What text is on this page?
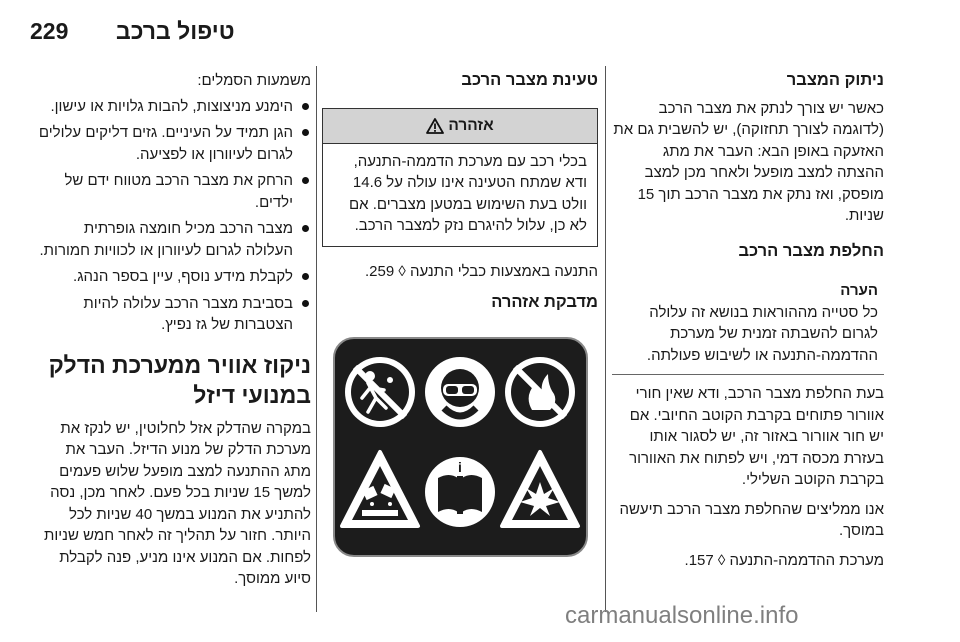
229 טיפול ברכב
ניתוק המצבר

כאשר יש צורך לנתק את מצבר הרכב (לדוגמה לצורך תחזוקה), יש להשבית גם את האזעקה באופן הבא: העבר את מתג ההצתה למצב מופעל ולאחר מכן למצב מופסק, ואז נתק את מצבר הרכב תוך 15 שניות.

החלפת מצבר הרכב
הערה

כל סטייה מההוראות בנושא זה עלולה לגרום להשבתה זמנית של מערכת ההדממה-התנעה או לשיבוש פעולתה.

בעת החלפת מצבר הרכב, ודא שאין חורי אוורור פתוחים בקרבת הקוטב החיובי. אם יש חור אוורור באזור זה, יש לסגור אותו בעזרת מכסה דמי, ויש לפתוח את האוורור בקרבת הקוטב השלילי.

אנו ממליצים שהחלפת מצבר הרכב תיעשה במוסך.

מערכת ההדממה-התנעה ◊ 157.

טעינת מצבר הרכב
אזהרה
בכלי רכב עם מערכת הדממה-התנעה, ודא שמתח הטעינה אינו עולה על 14.6 וולט בעת השימוש במטען מצברים. אם לא כן, עלול להיגרם נזק למצבר הרכב.

התנעה באמצעות כבלי התנעה ◊ 259.

מדבקת אזהרה
i

משמעות הסמלים:

הימנע מניצוצות, להבות גלויות או עישון.
הגן תמיד על העיניים. גזים דליקים עלולים לגרום לעיוורון או לפציעה.
הרחק את מצבר הרכב מטווח ידם של ילדים.
מצבר הרכב מכיל חומצה גופרתית העלולה לגרום לעיוורון או לכוויות חמורות.
לקבלת מידע נוסף, עיין בספר הנהג.
בסביבת מצבר הרכב עלולה להיות הצטברות של גז נפיץ.
ניקוז אוויר ממערכת הדלק במנועי דיזל

במקרה שהדלק אזל לחלוטין, יש לנקז את מערכת הדלק של מנוע הדיזל. העבר את מתג ההתנעה למצב מופעל שלוש פעמים למשך 15 שניות בכל פעם. לאחר מכן, נסה להתניע את המנוע במשך 40 שניות לכל היותר. חזור על תהליך זה לאחר חמש שניות לפחות. אם המנוע אינו מניע, פנה לקבלת סיוע ממוסך.

carmanualsonline.info
